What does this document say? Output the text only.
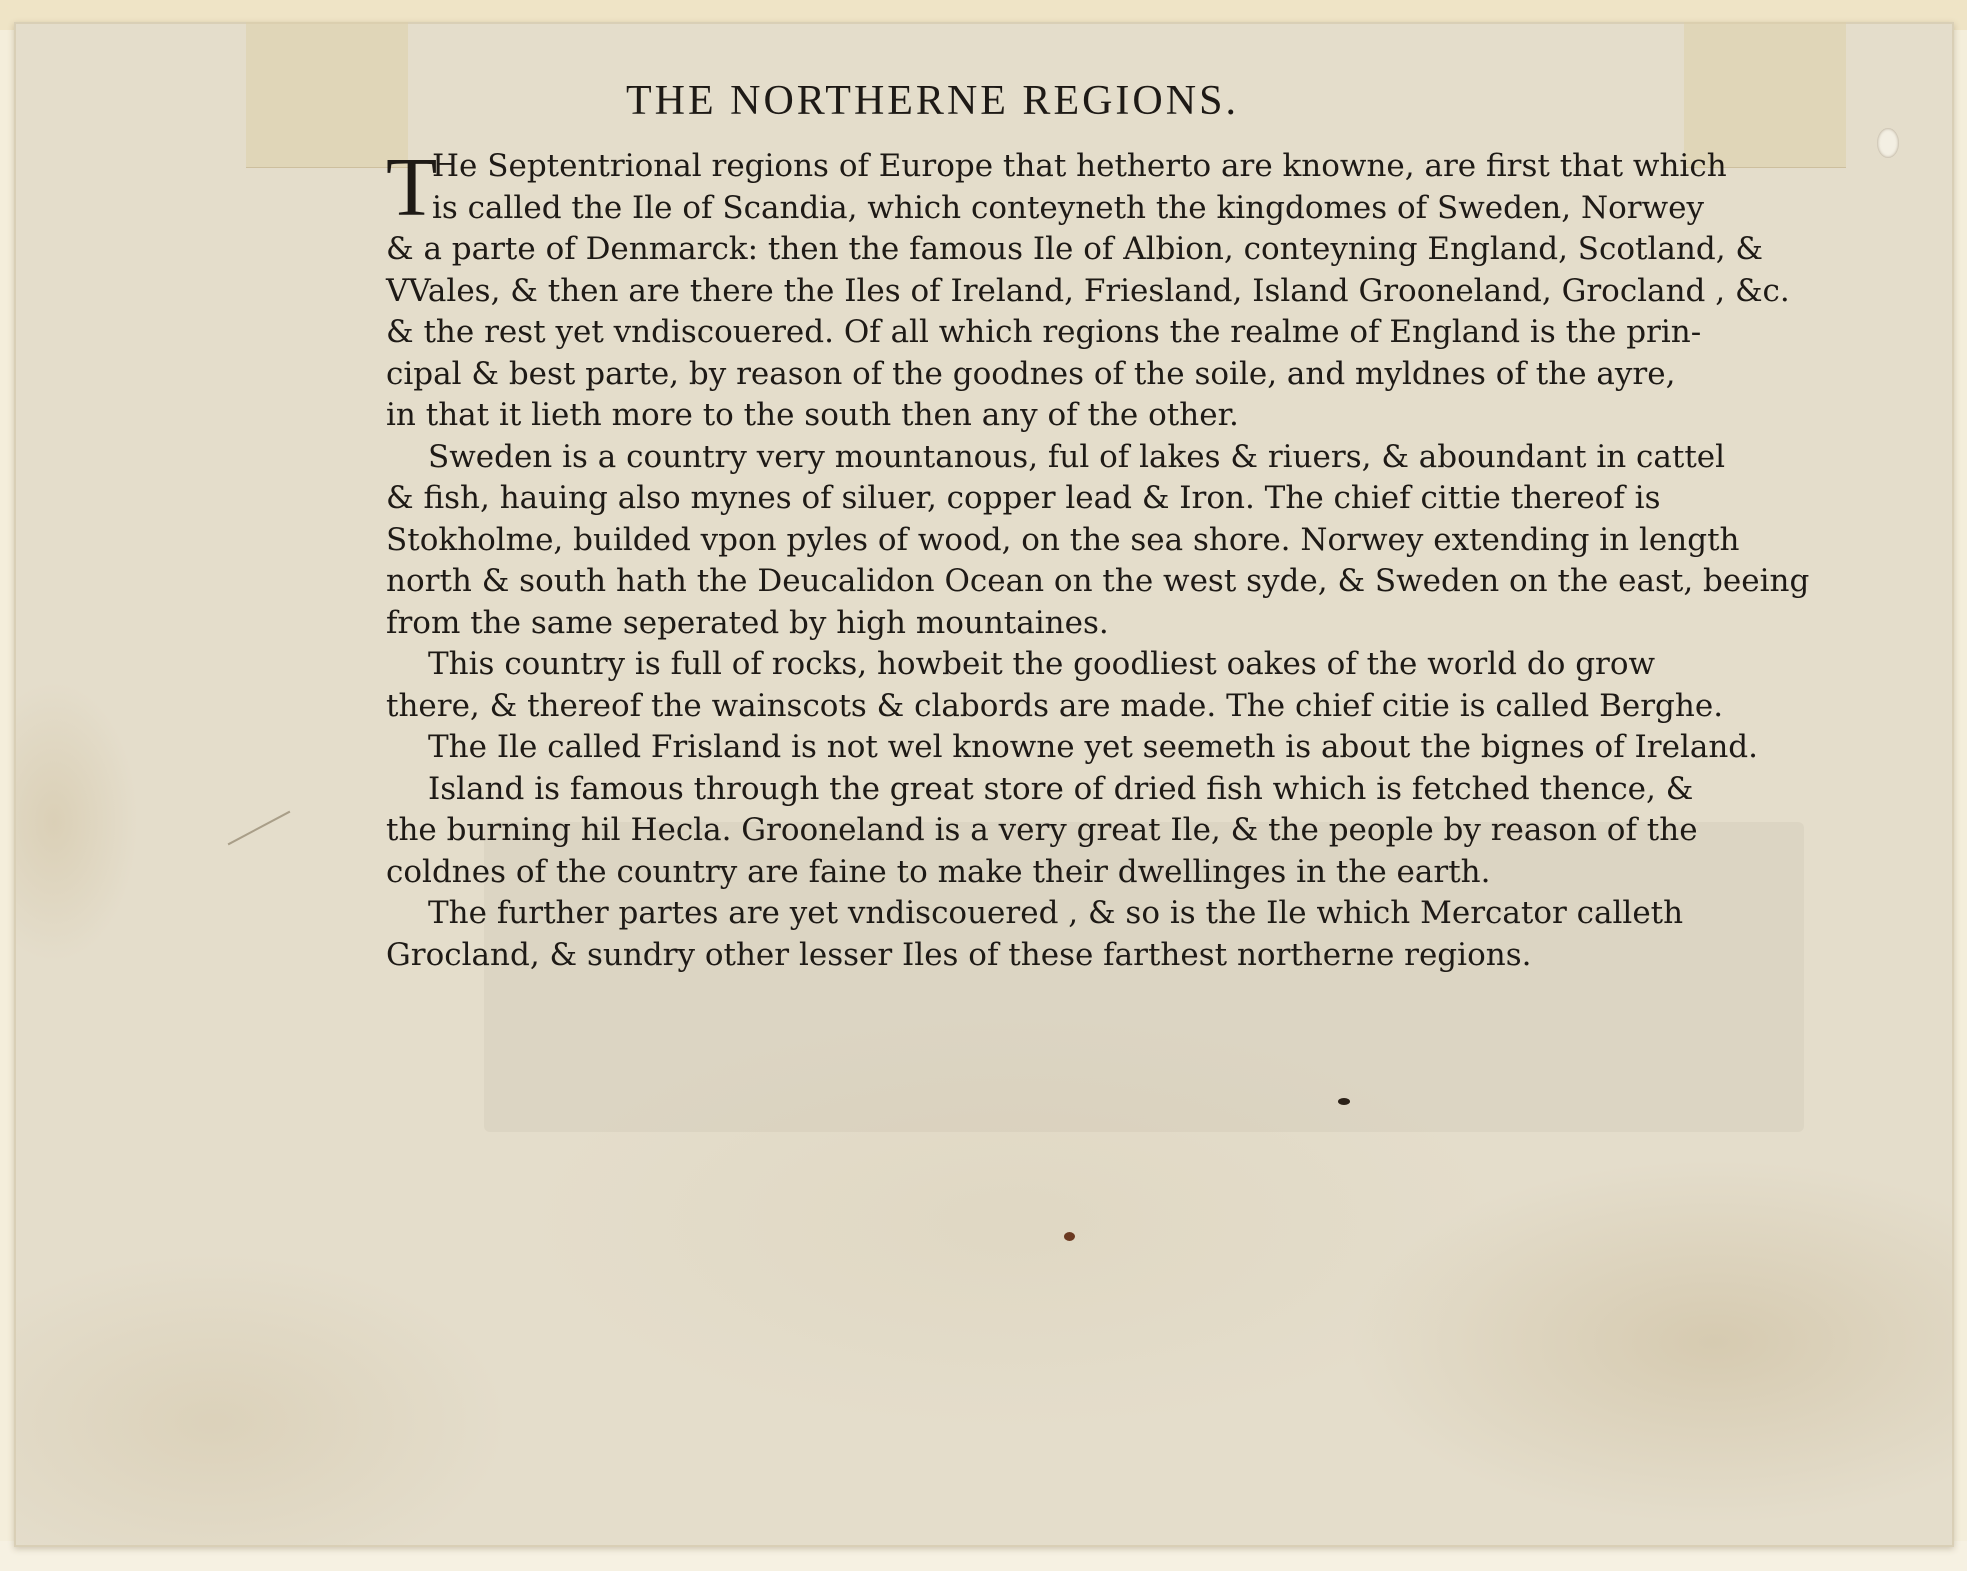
THE NORTHERNE REGIONS.

T
He Septentrional regions of Europe that hetherto are knowne, are first that which

is called the Ile of Scandia, which conteyneth the kingdomes of Sweden, Norwey

& a parte of Denmarck: then the famous Ile of Albion, conteyning England, Scotland, &

VVales, & then are there the Iles of Ireland, Friesland, Island Grooneland, Grocland , &c.

& the rest yet vndiscouered. Of all which regions the realme of England is the prin-

cipal & best parte, by reason of the goodnes of the soile, and myldnes of the ayre,

in that it lieth more to the south then any of the other.

Sweden is a country very mountanous, ful of lakes & riuers, & aboundant in cattel

& fish, hauing also mynes of siluer, copper lead & Iron. The chief cittie thereof is

Stokholme, builded vpon pyles of wood, on the sea shore. Norwey extending in length

north & south hath the Deucalidon Ocean on the west syde, & Sweden on the east, beeing

from the same seperated by high mountaines.

This country is full of rocks, howbeit the goodliest oakes of the world do grow

there, & thereof the wainscots & clabords are made. The chief citie is called Berghe.

The Ile called Frisland is not wel knowne yet seemeth is about the bignes of Ireland.

Island is famous through the great store of dried fish which is fetched thence, &

the burning hil Hecla. Grooneland is a very great Ile, & the people by reason of the

coldnes of the country are faine to make their dwellinges in the earth.

The further partes are yet vndiscouered , & so is the Ile which Mercator calleth

Grocland, & sundry other lesser Iles of these farthest northerne regions.
